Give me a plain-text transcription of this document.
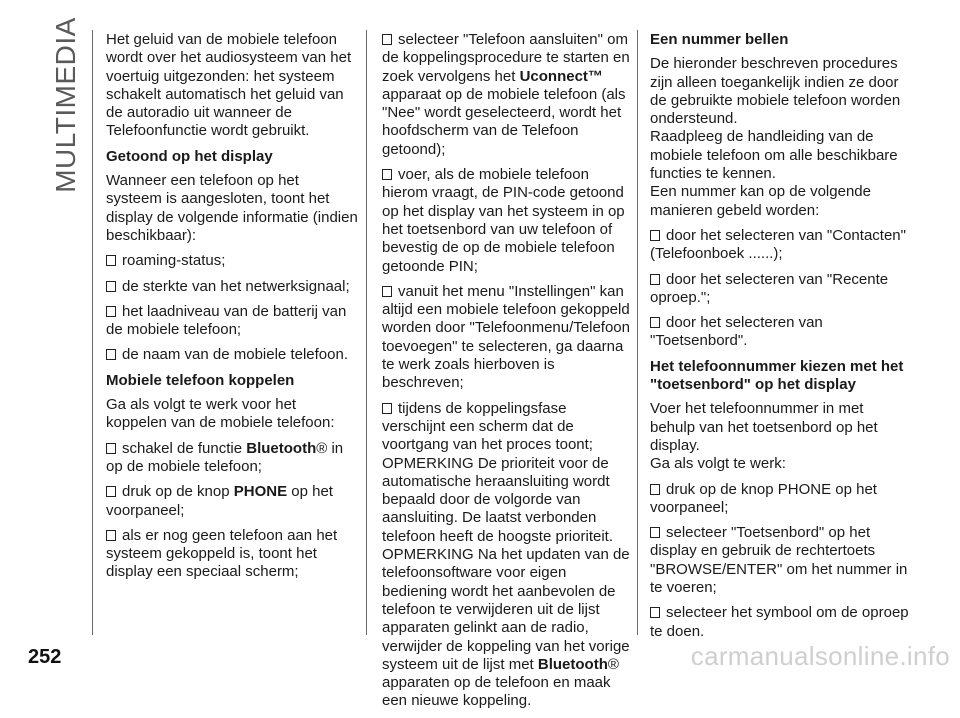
MULTIMEDIA Het geluid van de mobiele telefoon wordt over het audiosysteem van het voertuig uitgezonden: het systeem schakelt automatisch het geluid van de autoradio uit wanneer de Telefoonfunctie wordt gebruikt.

Getoond op het display

Wanneer een telefoon op het systeem is aangesloten, toont het display de volgende informatie (indien beschikbaar):

roaming-status;

de sterkte van het netwerksignaal;

het laadniveau van de batterij van de mobiele telefoon;

de naam van de mobiele telefoon.

Mobiele telefoon koppelen

Ga als volgt te werk voor het koppelen van de mobiele telefoon:

schakel de functie Bluetooth® in op de mobiele telefoon;

druk op de knop PHONE op het voorpaneel;

als er nog geen telefoon aan het systeem gekoppeld is, toont het display een speciaal scherm;

selecteer "Telefoon aansluiten" om de koppelingsprocedure te starten en zoek vervolgens het Uconnect™ apparaat op de mobiele telefoon (als "Nee" wordt geselecteerd, wordt het hoofdscherm van de Telefoon getoond);

voer, als de mobiele telefoon hierom vraagt, de PIN-code getoond op het display van het systeem in op het toetsenbord van uw telefoon of bevestig de op de mobiele telefoon getoonde PIN;

vanuit het menu "Instellingen" kan altijd een mobiele telefoon gekoppeld worden door "Telefoonmenu/Telefoon toevoegen" te selecteren, ga daarna te werk zoals hierboven is beschreven;

tijdens de koppelingsfase verschijnt een scherm dat de voortgang van het proces toont;

OPMERKING De prioriteit voor de automatische heraansluiting wordt bepaald door de volgorde van aansluiting. De laatst verbonden telefoon heeft de hoogste prioriteit.

OPMERKING Na het updaten van de telefoonsoftware voor eigen bediening wordt het aanbevolen de telefoon te verwijderen uit de lijst apparaten gelinkt aan de radio, verwijder de koppeling van het vorige systeem uit de lijst met Bluetooth® apparaten op de telefoon en maak een nieuwe koppeling.

Een nummer bellen

De hieronder beschreven procedures zijn alleen toegankelijk indien ze door de gebruikte mobiele telefoon worden ondersteund.

Raadpleeg de handleiding van de mobiele telefoon om alle beschikbare functies te kennen.

Een nummer kan op de volgende manieren gebeld worden:

door het selecteren van "Contacten" (Telefoonboek ......);

door het selecteren van "Recente oproep.";

door het selecteren van "Toetsenbord".

Het telefoonnummer kiezen met het "toetsenbord" op het display

Voer het telefoonnummer in met behulp van het toetsenbord op het display.

Ga als volgt te werk:

druk op de knop PHONE op het voorpaneel;

selecteer "Toetsenbord" op het display en gebruik de rechtertoets "BROWSE/ENTER" om het nummer in te voeren;

selecteer het symbool om de oproep te doen.

252	carmanualsonline.info
